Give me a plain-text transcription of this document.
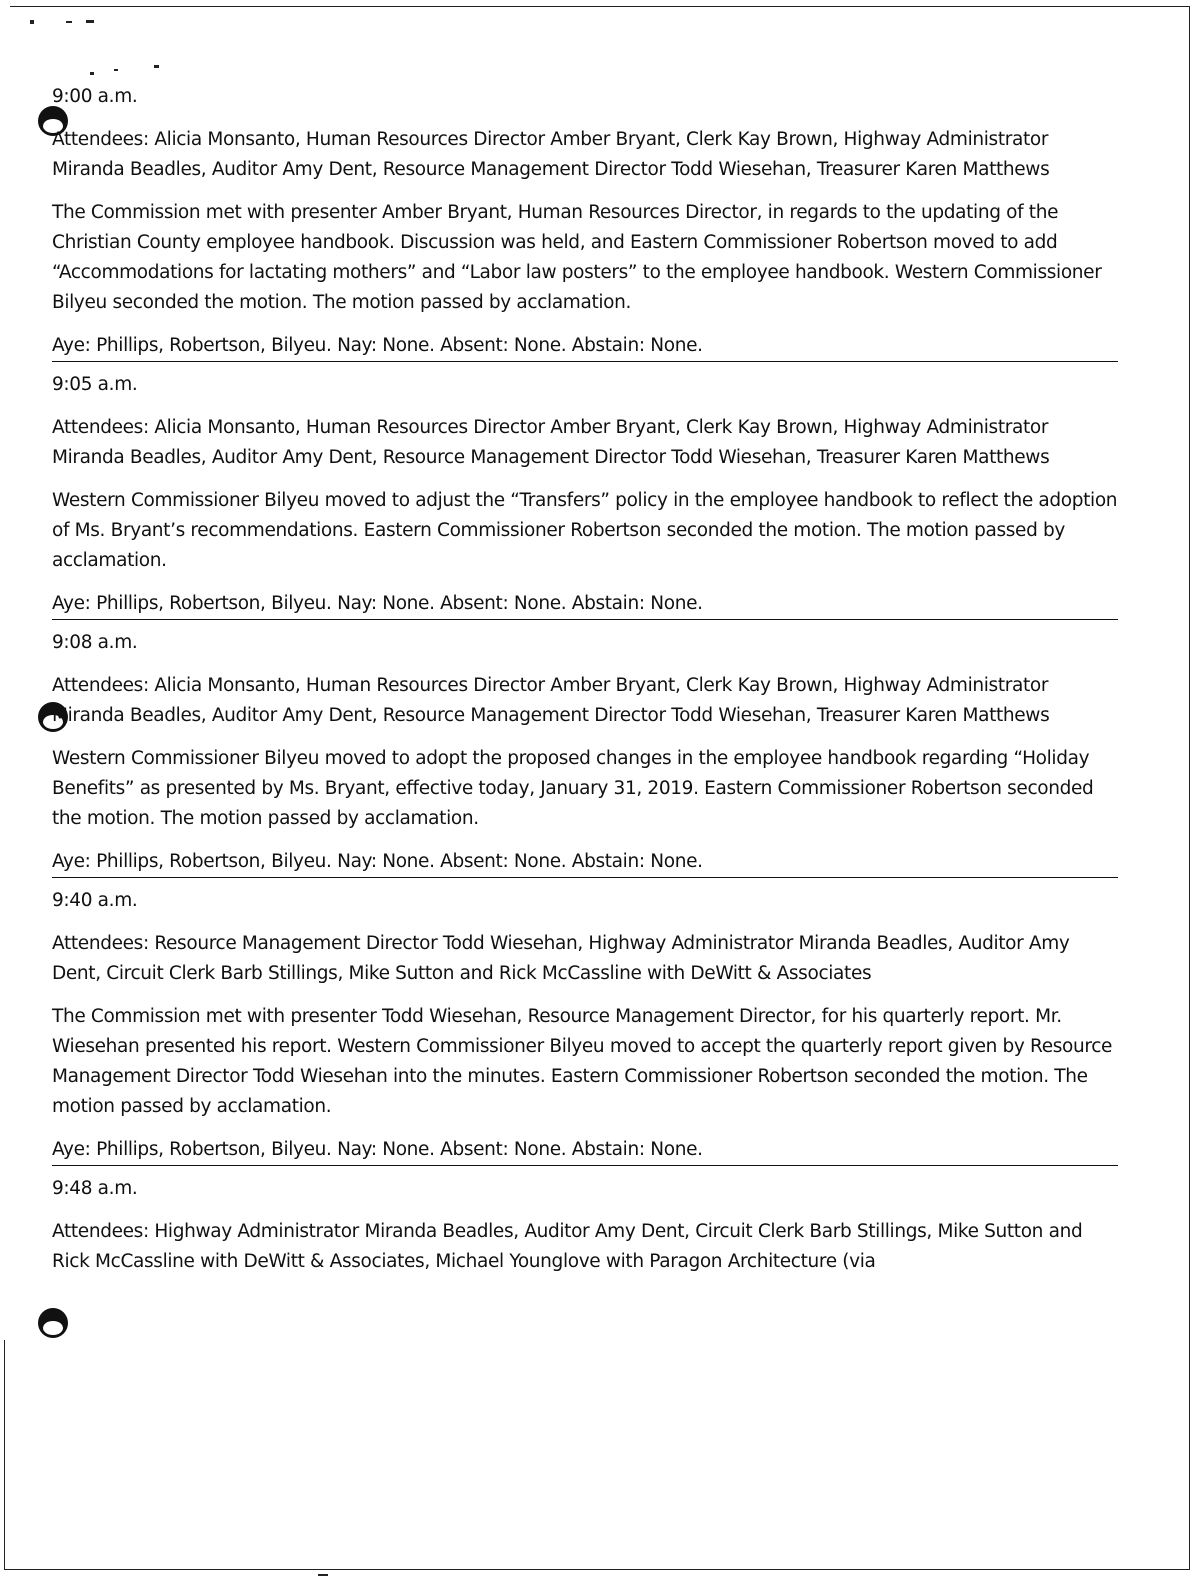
9:00 a.m.

Attendees: Alicia Monsanto, Human Resources Director Amber Bryant, Clerk Kay Brown, Highway Administrator Miranda Beadles, Auditor Amy Dent, Resource Management Director Todd Wiesehan, Treasurer Karen Matthews

The Commission met with presenter Amber Bryant, Human Resources Director, in regards to the updating of the Christian County employee handbook. Discussion was held, and Eastern Commissioner Robertson moved to add “Accommodations for lactating mothers” and “Labor law posters” to the employee handbook. Western Commissioner Bilyeu seconded the motion. The motion passed by acclamation.

Aye: Phillips, Robertson, Bilyeu. Nay: None. Absent: None. Abstain: None.

9:05 a.m.

Attendees: Alicia Monsanto, Human Resources Director Amber Bryant, Clerk Kay Brown, Highway Administrator Miranda Beadles, Auditor Amy Dent, Resource Management Director Todd Wiesehan, Treasurer Karen Matthews

Western Commissioner Bilyeu moved to adjust the “Transfers” policy in the employee handbook to reflect the adoption of Ms. Bryant’s recommendations. Eastern Commissioner Robertson seconded the motion. The motion passed by acclamation.

Aye: Phillips, Robertson, Bilyeu. Nay: None. Absent: None. Abstain: None.

9:08 a.m.

Attendees: Alicia Monsanto, Human Resources Director Amber Bryant, Clerk Kay Brown, Highway Administrator Miranda Beadles, Auditor Amy Dent, Resource Management Director Todd Wiesehan, Treasurer Karen Matthews

Western Commissioner Bilyeu moved to adopt the proposed changes in the employee handbook regarding “Holiday Benefits” as presented by Ms. Bryant, effective today, January 31, 2019. Eastern Commissioner Robertson seconded the motion. The motion passed by acclamation.

Aye: Phillips, Robertson, Bilyeu. Nay: None. Absent: None. Abstain: None.

9:40 a.m.

Attendees: Resource Management Director Todd Wiesehan, Highway Administrator Miranda Beadles, Auditor Amy Dent, Circuit Clerk Barb Stillings, Mike Sutton and Rick McCassline with DeWitt & Associates

The Commission met with presenter Todd Wiesehan, Resource Management Director, for his quarterly report. Mr. Wiesehan presented his report. Western Commissioner Bilyeu moved to accept the quarterly report given by Resource Management Director Todd Wiesehan into the minutes. Eastern Commissioner Robertson seconded the motion. The motion passed by acclamation.

Aye: Phillips, Robertson, Bilyeu. Nay: None. Absent: None. Abstain: None.

9:48 a.m.

Attendees: Highway Administrator Miranda Beadles, Auditor Amy Dent, Circuit Clerk Barb Stillings, Mike Sutton and Rick McCassline with DeWitt & Associates, Michael Younglove with Paragon Architecture (via
